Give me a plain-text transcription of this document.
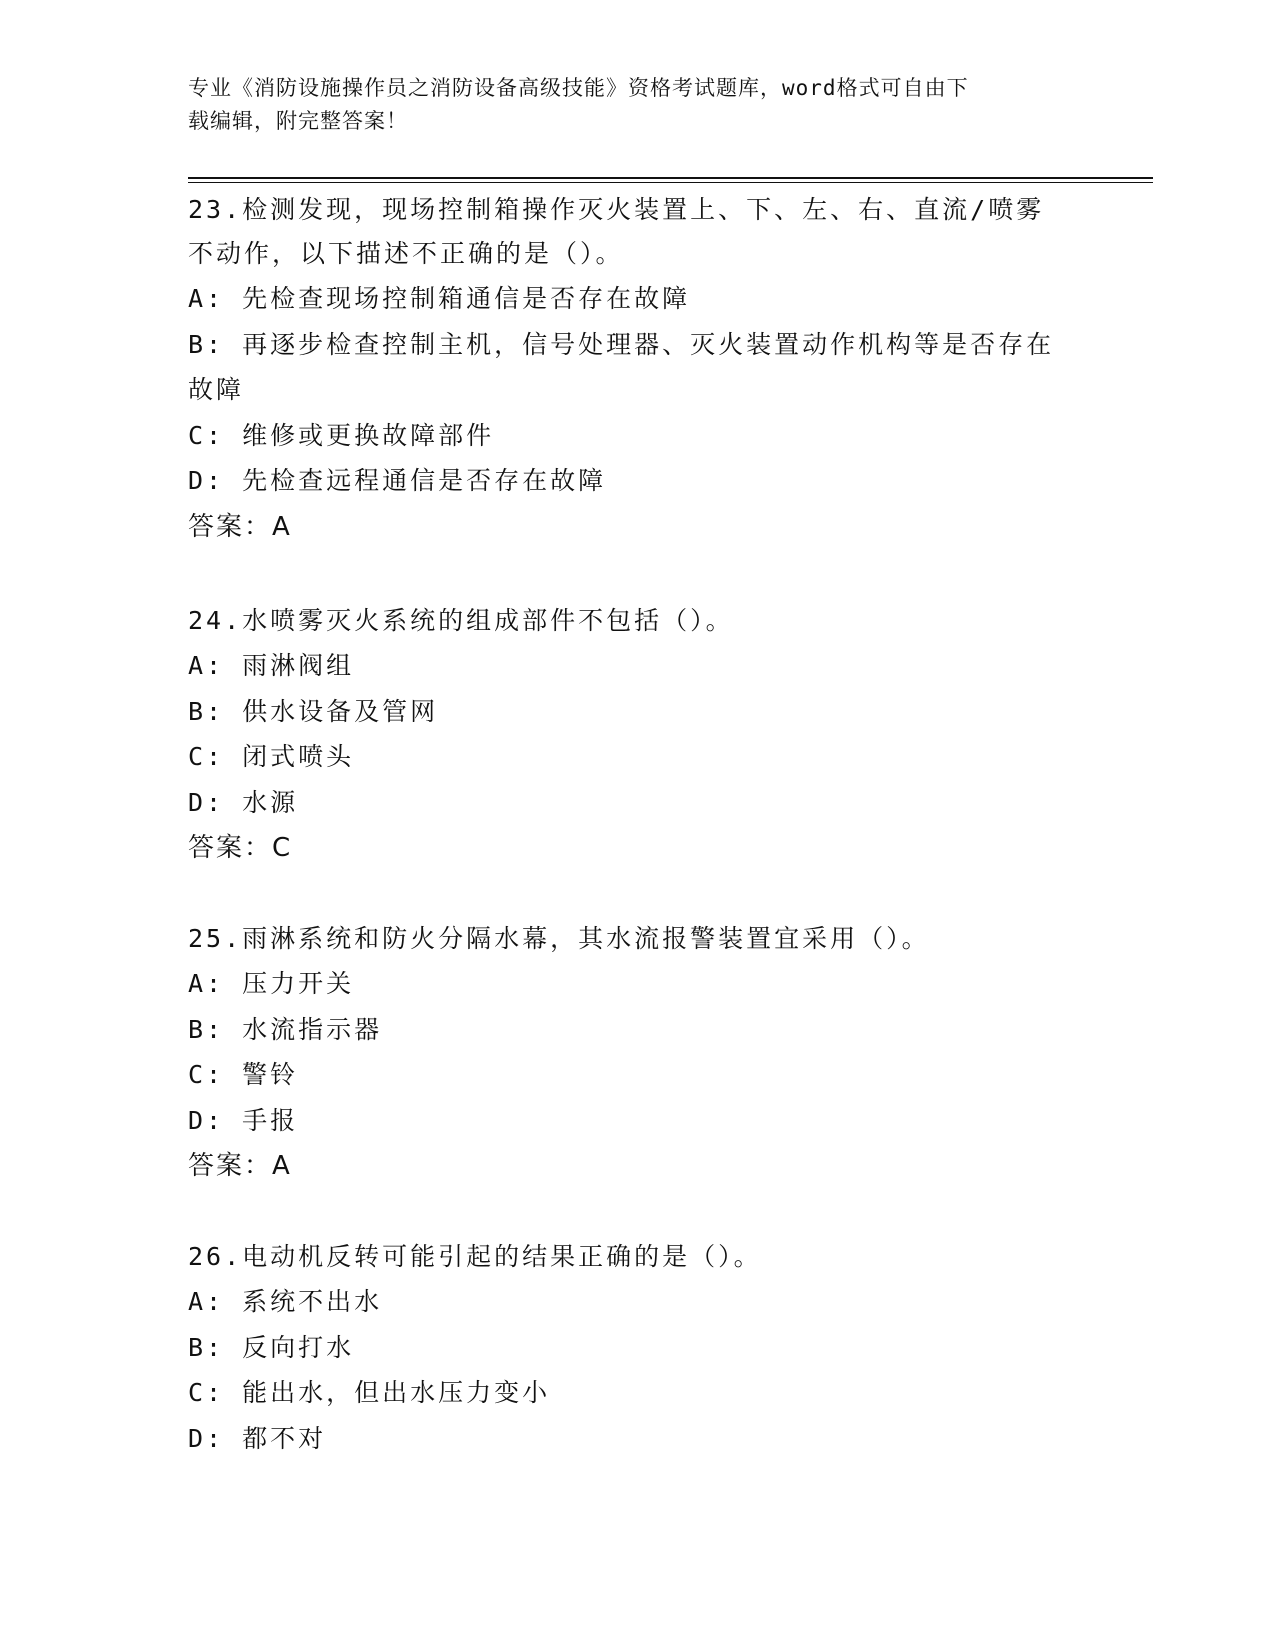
专业《消防设施操作员之消防设备高级技能》资格考试题库，word格式可自由下
载编辑，附完整答案！
23.检测发现，现场控制箱操作灭火装置上、下、左、右、直流/喷雾
不动作，以下描述不正确的是（）。
A: 先检查现场控制箱通信是否存在故障
B: 再逐步检查控制主机，信号处理器、灭火装置动作机构等是否存在
故障
C: 维修或更换故障部件
D: 先检查远程通信是否存在故障
答案：A
24.水喷雾灭火系统的组成部件不包括（）。
A: 雨淋阀组
B: 供水设备及管网
C: 闭式喷头
D: 水源
答案：C
25.雨淋系统和防火分隔水幕，其水流报警装置宜采用（）。
A: 压力开关
B: 水流指示器
C: 警铃
D: 手报
答案：A
26.电动机反转可能引起的结果正确的是（）。
A: 系统不出水
B: 反向打水
C: 能出水，但出水压力变小
D: 都不对
